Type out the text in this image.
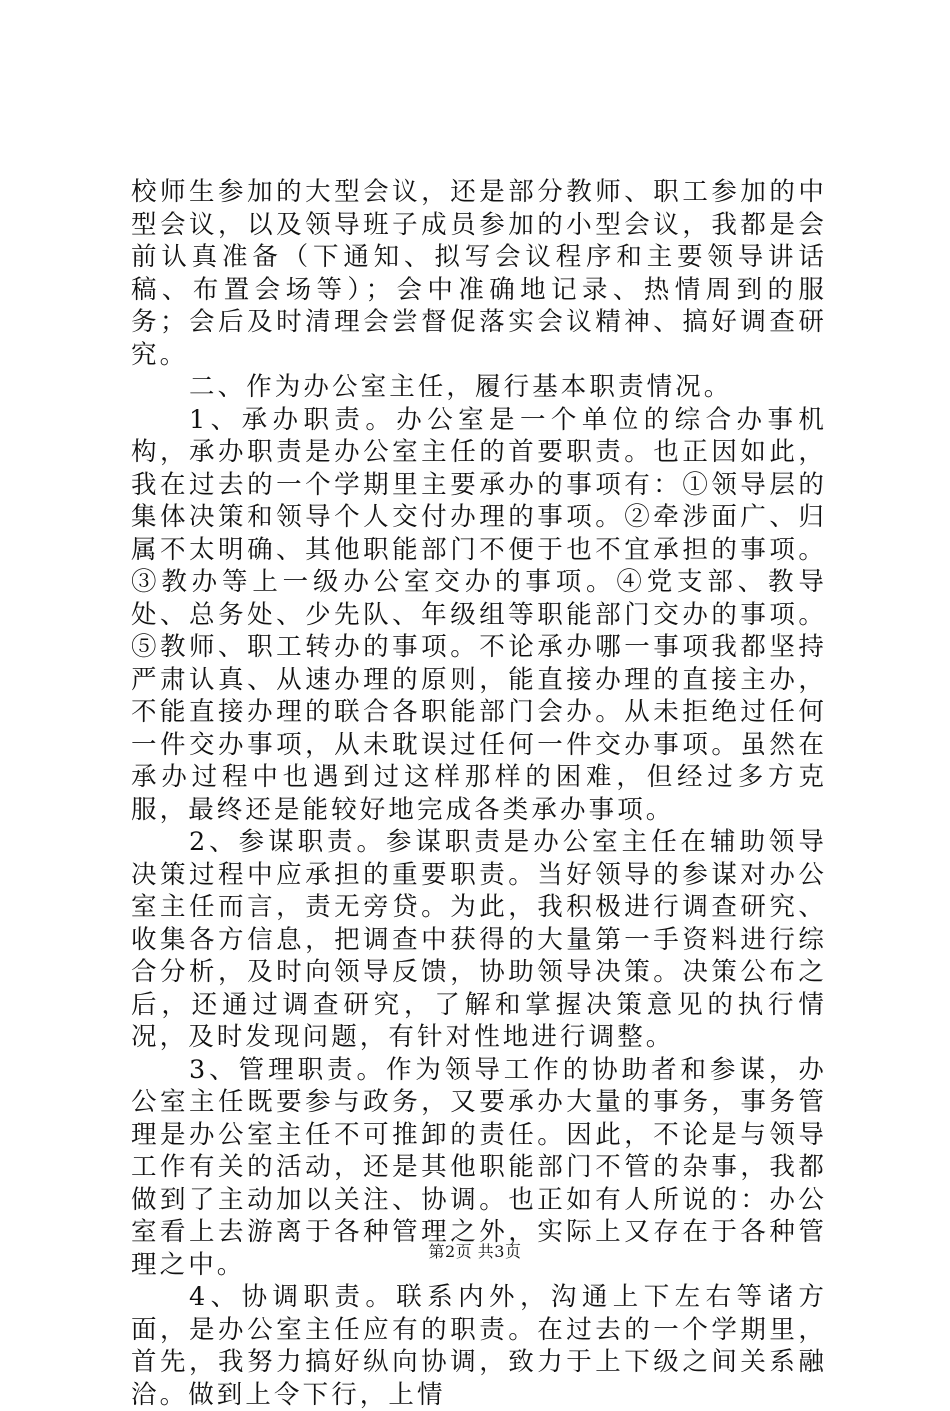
校师生参加的大型会议，还是部分教师、职工参加的中型会议，以及领导班子成员参加的小型会议，我都是会前认真准备（下通知、拟写会议程序和主要领导讲话稿、布置会场等）；会中准确地记录、热情周到的服务；会后及时清理会尝督促落实会议精神、搞好调查研究。

二、作为办公室主任，履行基本职责情况。

1、承办职责。办公室是一个单位的综合办事机构，承办职责是办公室主任的首要职责。也正因如此，我在过去的一个学期里主要承办的事项有：①领导层的集体决策和领导个人交付办理的事项。②牵涉面广、归属不太明确、其他职能部门不便于也不宜承担的事项。③教办等上一级办公室交办的事项。④党支部、教导处、总务处、少先队、年级组等职能部门交办的事项。⑤教师、职工转办的事项。不论承办哪一事项我都坚持严肃认真、从速办理的原则，能直接办理的直接主办，不能直接办理的联合各职能部门会办。从未拒绝过任何一件交办事项，从未耽误过任何一件交办事项。虽然在承办过程中也遇到过这样那样的困难，但经过多方克服，最终还是能较好地完成各类承办事项。

2、参谋职责。参谋职责是办公室主任在辅助领导决策过程中应承担的重要职责。当好领导的参谋对办公室主任而言，责无旁贷。为此，我积极进行调查研究、收集各方信息，把调查中获得的大量第一手资料进行综合分析，及时向领导反馈，协助领导决策。决策公布之后，还通过调查研究，了解和掌握决策意见的执行情况，及时发现问题，有针对性地进行调整。

3、管理职责。作为领导工作的协助者和参谋，办公室主任既要参与政务，又要承办大量的事务，事务管理是办公室主任不可推卸的责任。因此，不论是与领导工作有关的活动，还是其他职能部门不管的杂事，我都做到了主动加以关注、协调。也正如有人所说的：办公室看上去游离于各种管理之外，实际上又存在于各种管理之中。

4、协调职责。联系内外，沟通上下左右等诸方面，是办公室主任应有的职责。在过去的一个学期里，首先，我努力搞好纵向协调，致力于上下级之间关系融洽。做到上令下行，上情

第2页 共3页
